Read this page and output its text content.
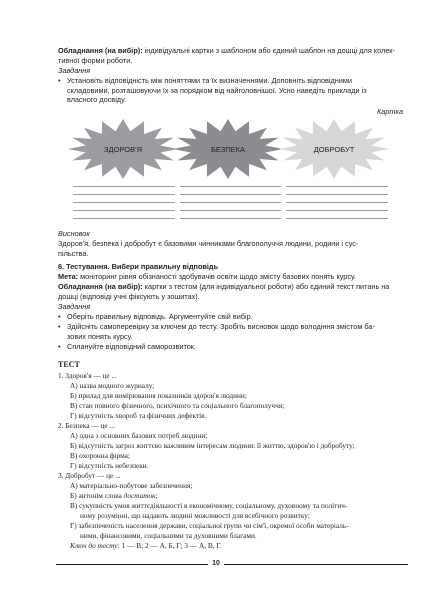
Обладнання (на вибір): індивідуальні картки з шаблоном або єдиний шаблон на дошці для колек-
тивної форми роботи.
Завдання
• Установіть відповідність між поняттями та їх визначеннями. Доповніть відповідними
складовими, розташовуючи їх за порядком від найголовнішої. Усно наведіть приклади із
власного досвіду.
Картка
ЗДОРОВ'Я	БЕЗПЕКА	ДОБРОБУТ
Висновок
Здоров'я, безпека і добробут є базовими чинниками благополуччя людини, родини і сус-
пільства.
6. Тестування. Вибери правильну відповідь
Мета: моніторинг рівня обізнаності здобувачів освіти щодо змісту базових понять курсу.
Обладнання (на вибір): картки з тестом (для індивідуальної роботи) або єдиний текст питань на
дошці (відповіді учні фіксують у зошитах).
Завдання
• Оберіть правильну відповідь. Аргументуйте свій вибір.
• Здійсніть самоперевірку за ключем до тесту. Зробіть висновок щодо володіння змістом ба-
зових понять курсу.
• Сплануйте відповідний саморозвиток.
ТЕСТ
1. Здоров'я — це ...
А) назва модного журналу;
Б) прилад для вимірювання показників здоров'я людини;
В) стан повного фізичного, психічного та соціального благополуччя;
Г) відсутність хвороб та фізичних дефектів.
2. Безпека — це ...
А) одна з основних базових потреб людини;
Б) відсутність загроз життєво важливим інтересам людини: її життю, здоров'ю і добробуту;
В) охоронна фірма;
Г) відсутність небезпеки.
3. Добробут — це ...
А) матеріально-побутове забезпечення;
Б) антонім слова достаток;
В) сукупність умов життєдіяльності в економічному, соціальному, духовному та політич-
ному розумінні, що надають людині можливості для всебічного розвитку;
Г) забезпеченість населення держави, соціальної групи чи сім'ї, окремої особи матеріаль-
ними, фінансовими, соціальними та духовними благами.
Ключ до тесту: 1 — В; 2 — А, Б, Г; 3 — А, В, Г.
10
